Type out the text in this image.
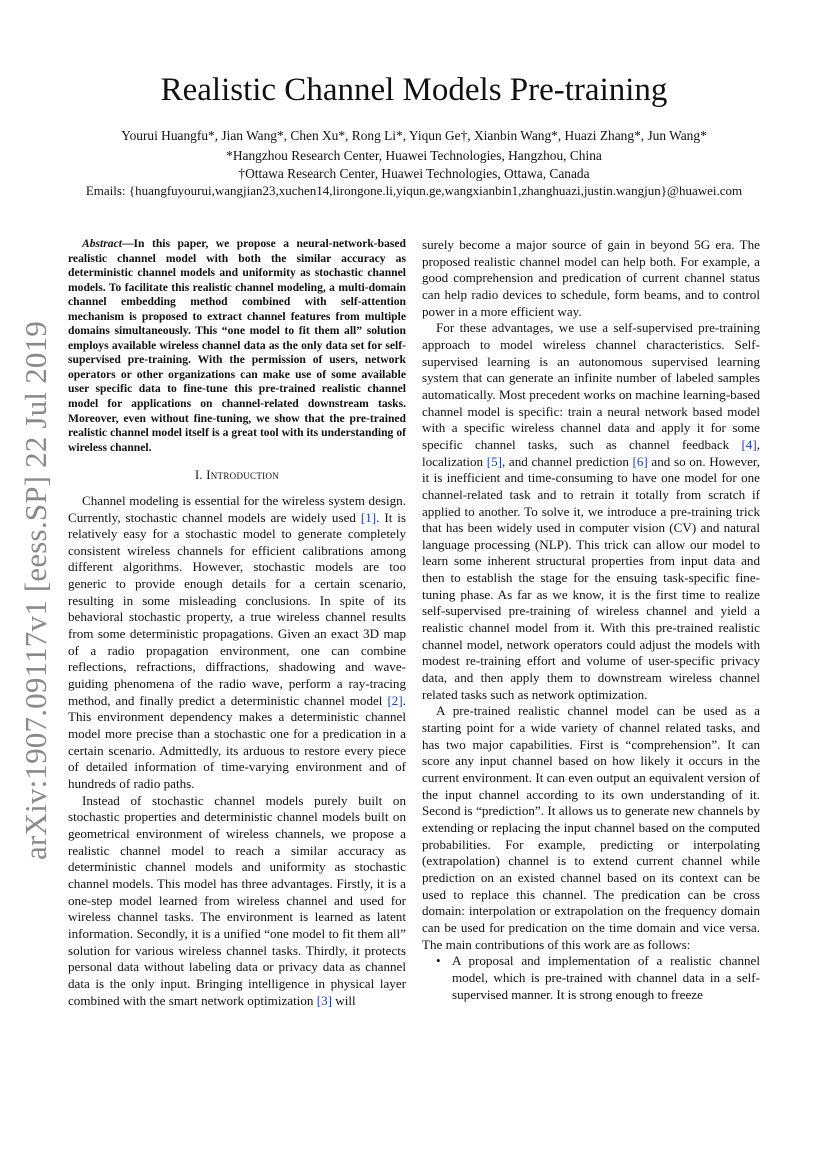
arXiv:1907.09117v1 [eess.SP] 22 Jul 2019
Realistic Channel Models Pre-training
Yourui Huangfu*, Jian Wang*, Chen Xu*, Rong Li*, Yiqun Ge†, Xianbin Wang*, Huazi Zhang*, Jun Wang*
*Hangzhou Research Center, Huawei Technologies, Hangzhou, China
†Ottawa Research Center, Huawei Technologies, Ottawa, Canada
Emails: {huangfuyourui,wangjian23,xuchen14,lirongone.li,yiqun.ge,wangxianbin1,zhanghuazi,justin.wangjun}@huawei.com
Abstract—In this paper, we propose a neural-network-based realistic channel model with both the similar accuracy as deterministic channel models and uniformity as stochastic channel models. To facilitate this realistic channel modeling, a multi-domain channel embedding method combined with self-attention mechanism is proposed to extract channel features from multiple domains simultaneously. This “one model to fit them all” solution employs available wireless channel data as the only data set for self-supervised pre-training. With the permission of users, network operators or other organizations can make use of some available user specific data to fine-tune this pre-trained realistic channel model for applications on channel-related downstream tasks. Moreover, even without fine-tuning, we show that the pre-trained realistic channel model itself is a great tool with its understanding of wireless channel.
I. Introduction

Channel modeling is essential for the wireless system design. Currently, stochastic channel models are widely used [1]. It is relatively easy for a stochastic model to generate completely consistent wireless channels for efficient calibrations among different algorithms. However, stochastic models are too generic to provide enough details for a certain scenario, resulting in some misleading conclusions. In spite of its behavioral stochastic property, a true wireless channel results from some deterministic propagations. Given an exact 3D map of a radio propagation environment, one can combine reflections, refractions, diffractions, shadowing and wave-guiding phenomena of the radio wave, perform a ray-tracing method, and finally predict a deterministic channel model [2]. This environment dependency makes a deterministic channel model more precise than a stochastic one for a predication in a certain scenario. Admittedly, its arduous to restore every piece of detailed information of time-varying environment and of hundreds of radio paths.

Instead of stochastic channel models purely built on stochastic properties and deterministic channel models built on geometrical environment of wireless channels, we propose a realistic channel model to reach a similar accuracy as deterministic channel models and uniformity as stochastic channel models. This model has three advantages. Firstly, it is a one-step model learned from wireless channel and used for wireless channel tasks. The environment is learned as latent information. Secondly, it is a unified “one model to fit them all” solution for various wireless channel tasks. Thirdly, it protects personal data without labeling data or privacy data as channel data is the only input. Bringing intelligence in physical layer combined with the smart network optimization [3] will

surely become a major source of gain in beyond 5G era. The proposed realistic channel model can help both. For example, a good comprehension and predication of current channel status can help radio devices to schedule, form beams, and to control power in a more efficient way.

For these advantages, we use a self-supervised pre-training approach to model wireless channel characteristics. Self-supervised learning is an autonomous supervised learning system that can generate an infinite number of labeled samples automatically. Most precedent works on machine learning-based channel model is specific: train a neural network based model with a specific wireless channel data and apply it for some specific channel tasks, such as channel feedback [4], localization [5], and channel prediction [6] and so on. However, it is inefficient and time-consuming to have one model for one channel-related task and to retrain it totally from scratch if applied to another. To solve it, we introduce a pre-training trick that has been widely used in computer vision (CV) and natural language processing (NLP). This trick can allow our model to learn some inherent structural properties from input data and then to establish the stage for the ensuing task-specific fine-tuning phase. As far as we know, it is the first time to realize self-supervised pre-training of wireless channel and yield a realistic channel model from it. With this pre-trained realistic channel model, network operators could adjust the models with modest re-training effort and volume of user-specific privacy data, and then apply them to downstream wireless channel related tasks such as network optimization.

A pre-trained realistic channel model can be used as a starting point for a wide variety of channel related tasks, and has two major capabilities. First is “comprehension”. It can score any input channel based on how likely it occurs in the current environment. It can even output an equivalent version of the input channel according to its own understanding of it. Second is “prediction”. It allows us to generate new channels by extending or replacing the input channel based on the computed probabilities. For example, predicting or interpolating (extrapolation) channel is to extend current channel while prediction on an existed channel based on its context can be used to replace this channel. The predication can be cross domain: interpolation or extrapolation on the frequency domain can be used for predication on the time domain and vice versa. The main contributions of this work are as follows:

• A proposal and implementation of a realistic channel model, which is pre-trained with channel data in a self-supervised manner. It is strong enough to freeze
